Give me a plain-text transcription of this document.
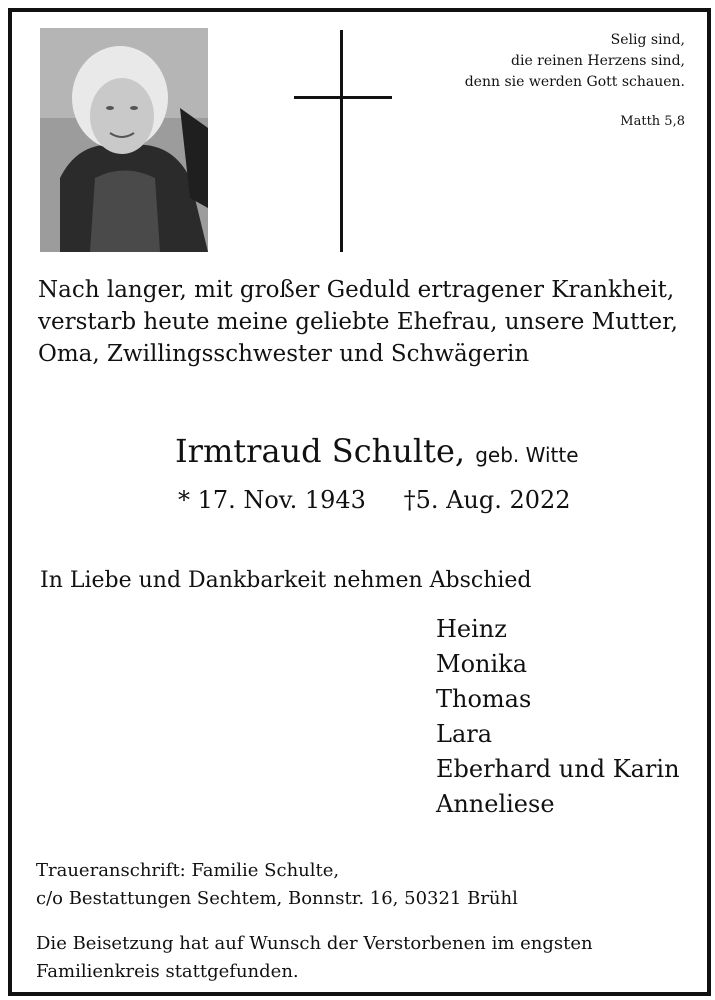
Selig sind,
die reinen Herzens sind,
denn sie werden Gott schauen.
Matth 5,8
Nach langer, mit großer Geduld ertragener Krankheit, verstarb heute meine geliebte Ehefrau, unsere Mutter, Oma, Zwillingsschwester und Schwägerin
Irmtraud Schulte, geb. Witte
* 17. Nov. 1943 †5. Aug. 2022
In Liebe und Dankbarkeit nehmen Abschied
Heinz
Monika
Thomas
Lara
Eberhard und Karin
Anneliese
Traueranschrift: Familie Schulte,
c/o Bestattungen Sechtem, Bonnstr. 16, 50321 Brühl
Die Beisetzung hat auf Wunsch der Verstorbenen im engsten Familienkreis stattgefunden.
